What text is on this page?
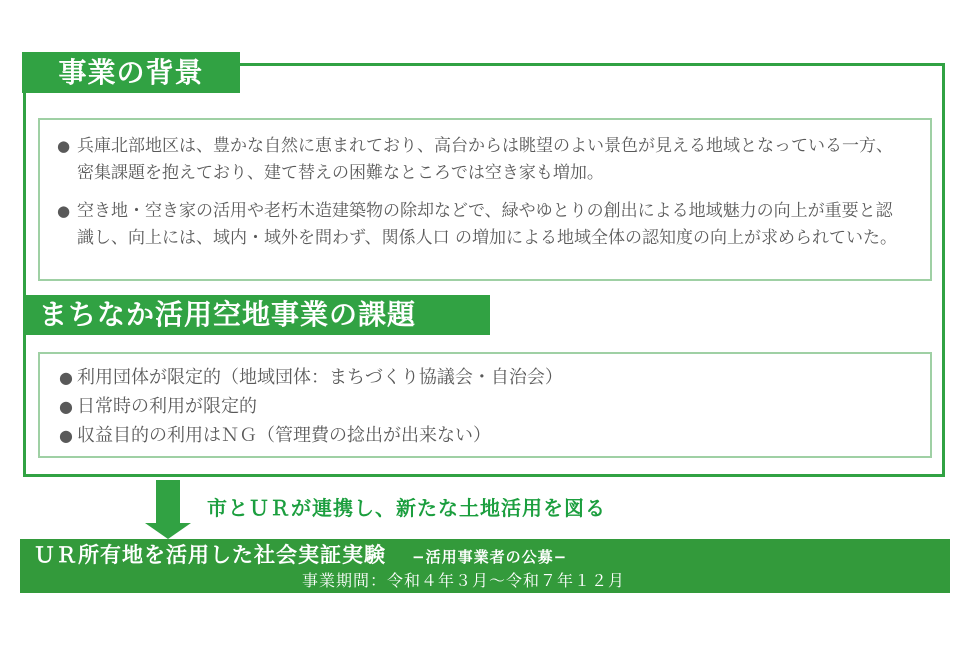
事業の背景
● 兵庫北部地区は、豊かな自然に恵まれており、高台からは眺望のよい景色が見える地域となっている一方、密集課題を抱えており、建て替えの困難なところでは空き家も増加。
● 空き地・空き家の活用や老朽木造建築物の除却などで、緑やゆとりの創出による地域魅力の向上が重要と認識し、向上には、域内・域外を問わず、関係人口 の増加による地域全体の認知度の向上が求められていた。
まちなか活用空地事業の課題
● 利用団体が限定的（地域団体：まちづくり協議会・自治会）
● 日常時の利用が限定的
● 収益目的の利用はＮＧ（管理費の捻出が出来ない）
市とＵＲが連携し、新たな土地活用を図る
ＵＲ所有地を活用した社会実証実験 −活用事業者の公募−
事業期間：令和４年３月〜令和７年１２月
